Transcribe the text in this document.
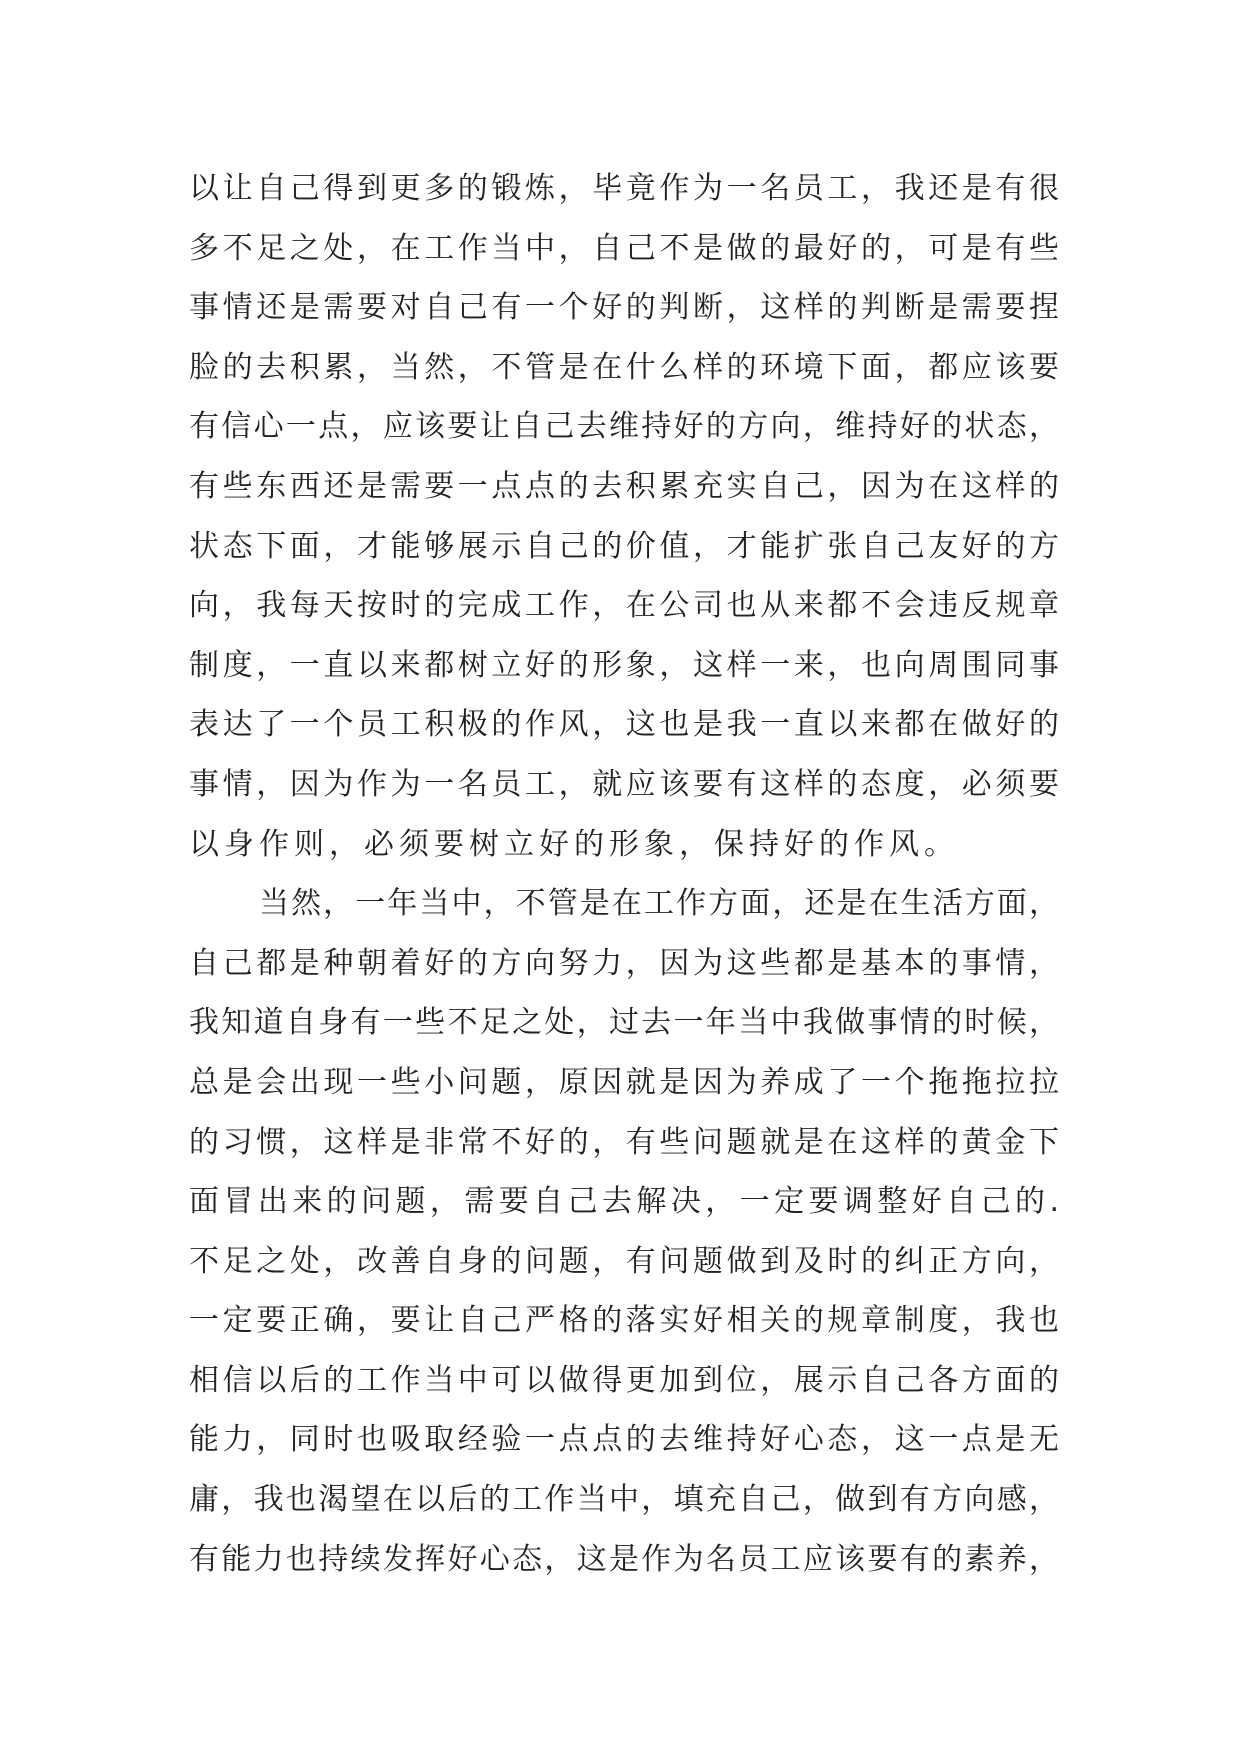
以让自己得到更多的锻炼，毕竟作为一名员工，我还是有很
多不足之处，在工作当中，自己不是做的最好的，可是有些
事情还是需要对自己有一个好的判断，这样的判断是需要捏
脸的去积累，当然，不管是在什么样的环境下面，都应该要
有信心一点，应该要让自己去维持好的方向，维持好的状态，
有些东西还是需要一点点的去积累充实自己，因为在这样的
状态下面，才能够展示自己的价值，才能扩张自己友好的方
向，我每天按时的完成工作，在公司也从来都不会违反规章
制度，一直以来都树立好的形象，这样一来，也向周围同事
表达了一个员工积极的作风，这也是我一直以来都在做好的
事情，因为作为一名员工，就应该要有这样的态度，必须要
以身作则，必须要树立好的形象，保持好的作风。
当然，一年当中，不管是在工作方面，还是在生活方面，
自己都是种朝着好的方向努力，因为这些都是基本的事情，
我知道自身有一些不足之处，过去一年当中我做事情的时候，
总是会出现一些小问题，原因就是因为养成了一个拖拖拉拉
的习惯，这样是非常不好的，有些问题就是在这样的黄金下
面冒出来的问题，需要自己去解决，一定要调整好自己的.
不足之处，改善自身的问题，有问题做到及时的纠正方向，
一定要正确，要让自己严格的落实好相关的规章制度，我也
相信以后的工作当中可以做得更加到位，展示自己各方面的
能力，同时也吸取经验一点点的去维持好心态，这一点是无
庸，我也渴望在以后的工作当中，填充自己，做到有方向感，
有能力也持续发挥好心态，这是作为名员工应该要有的素养，
